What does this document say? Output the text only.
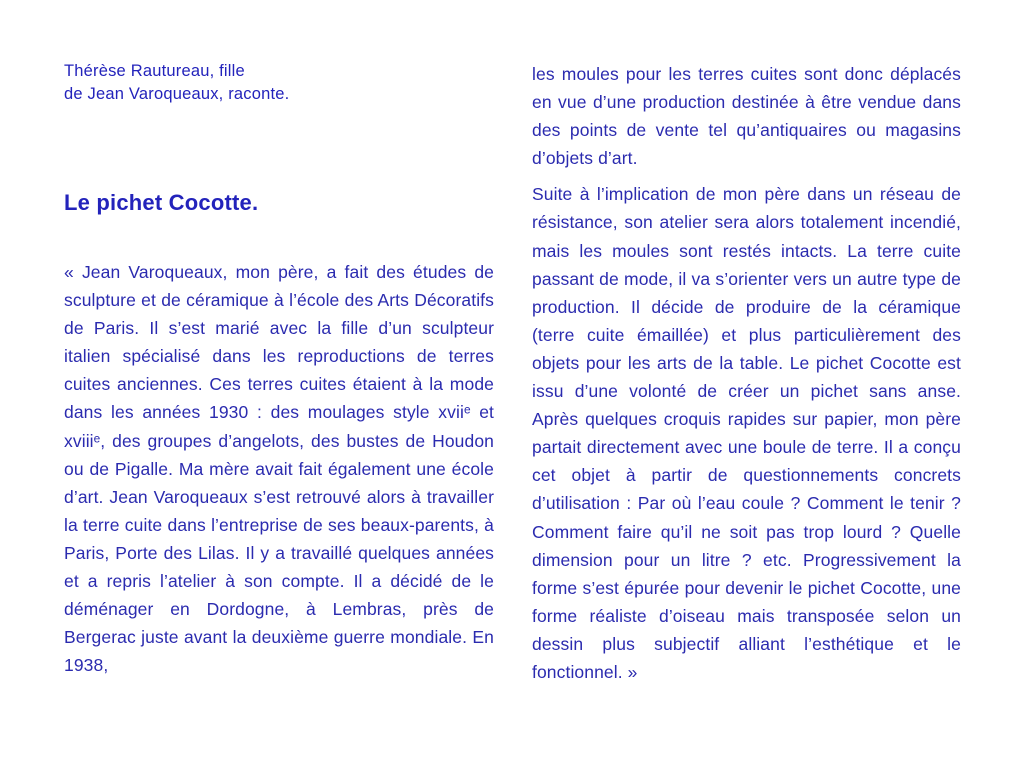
Thérèse Rautureau, fille
de Jean Varoqueaux, raconte.
Le pichet Cocotte.

« Jean Varoqueaux, mon père, a fait des études de sculpture et de céramique à l’école des Arts Décoratifs de Paris. Il s’est marié avec la fille d’un sculpteur italien spécialisé dans les reproductions de terres cuites anciennes. Ces terres cuites étaient à la mode dans les années 1930 : des moulages style xviiᵉ et xviiiᵉ, des groupes d’angelots, des bustes de Houdon ou de Pigalle. Ma mère avait fait également une école d’art. Jean Varoqueaux s’est retrouvé alors à travailler la terre cuite dans l’entreprise de ses beaux-parents, à Paris, Porte des Lilas. Il y a travaillé quelques années et a repris l’atelier à son compte. Il a décidé de le déménager en Dordogne, à Lembras, près de Bergerac juste avant la deuxième guerre mondiale. En 1938,

les moules pour les terres cuites sont donc déplacés en vue d’une production destinée à être vendue dans des points de vente tel qu’antiquaires ou magasins d’objets d’art.

Suite à l’implication de mon père dans un réseau de résistance, son atelier sera alors totalement incendié, mais les moules sont restés intacts. La terre cuite passant de mode, il va s’orienter vers un autre type de production. Il décide de produire de la céramique (terre cuite émaillée) et plus particulièrement des objets pour les arts de la table. Le pichet Cocotte est issu d’une volonté de créer un pichet sans anse. Après quelques croquis rapides sur papier, mon père partait directement avec une boule de terre. Il a conçu cet objet à partir de questionnements concrets d’utilisation : Par où l’eau coule ? Comment le tenir ? Comment faire qu’il ne soit pas trop lourd ? Quelle dimension pour un litre ? etc. Progressivement la forme s’est épurée pour devenir le pichet Cocotte, une forme réaliste d’oiseau mais transposée selon un dessin plus subjectif alliant l’esthétique et le fonctionnel. »
